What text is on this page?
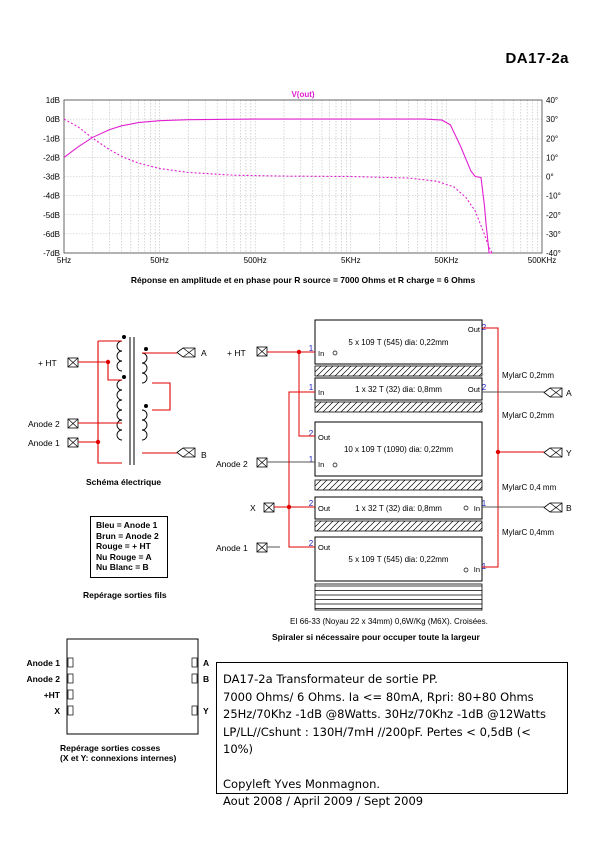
DA17-2a
1dB
0dB
-1dB
-2dB
-3dB
-4dB
-5dB
-6dB
-7dB
40°
30°
20°
10°
0°
-10°
-20°
-30°
-40°
5Hz	50Hz	500Hz	5KHz	50KHz	500KHz
V(out)
+ HT
Anode 2
Anode 1
A
B
5 x 109 T (545) dia: 0,22mm
1 x 32 T (32) dia: 0,8mm
10 x 109 T (1090) dia: 0,22mm
1 x 32 T (32) dia: 0,8mm
5 x 109 T (545) dia: 0,22mm
In
Out
In	Out
Out
In
Out	In
Out
In
1
2
1	2
2
1
2	1
2
1
+ HT
Anode 2
X
Anode 1
A
Y
B
MylarC 0,2mm
MylarC 0,2mm
MylarC 0,4 mm
MylarC 0,4mm
Anode 1
Anode 2
+HT
X
A
B
Y
Réponse en amplitude et en phase pour R source = 7000 Ohms et R charge = 6 Ohms
Schéma électrique
Bleu = Anode 1
Brun = Anode 2
Rouge = + HT
Nu Rouge = A
Nu Blanc = B
Repérage sorties fils
EI 66-33 (Noyau 22 x 34mm) 0,6W/Kg (M6X). Croisées.
Spiraler si nécessaire pour occuper toute la largeur
Repérage sorties cosses
(X et Y: connexions internes)
DA17-2a Transformateur de sortie PP.
7000 Ohms/ 6 Ohms. Ia <= 80mA, Rpri: 80+80 Ohms
25Hz/70Khz -1dB @8Watts. 30Hz/70Khz -1dB @12Watts
LP/LL//Cshunt : 130H/7mH //200pF. Pertes < 0,5dB (< 10%)
Copyleft Yves Monmagnon.
Aout 2008 / April 2009 / Sept 2009
